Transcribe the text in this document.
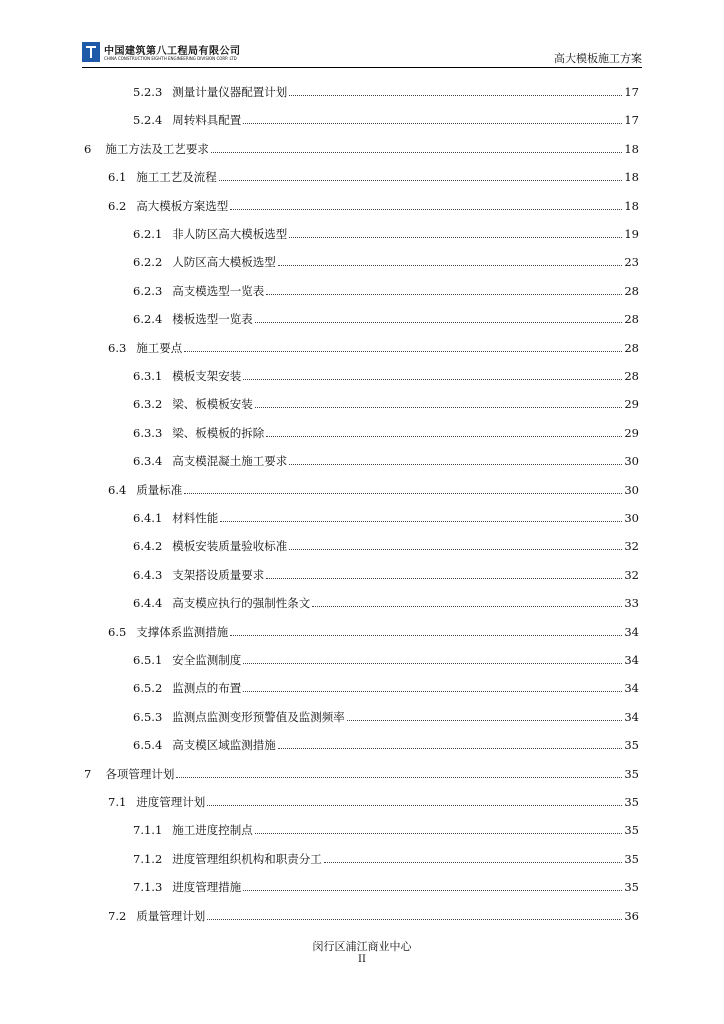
中国建筑第八工程局有限公司
CHINA CONSTRUCTION EIGHTH ENGINEERING DIVISION CORP. LTD	高大模板施工方案
5.2.3 测量计量仪器配置计划	17
5.2.4 周转料具配置	17
6 施工方法及工艺要求	18
6.1 施工工艺及流程	18
6.2 高大模板方案选型	18
6.2.1 非人防区高大模板选型	19
6.2.2 人防区高大模板选型	23
6.2.3 高支模选型一览表	28
6.2.4 楼板选型一览表	28
6.3 施工要点	28
6.3.1 模板支架安装	28
6.3.2 梁、板模板安装	29
6.3.3 梁、板模板的拆除	29
6.3.4 高支模混凝土施工要求	30
6.4 质量标准	30
6.4.1 材料性能	30
6.4.2 模板安装质量验收标准	32
6.4.3 支架搭设质量要求	32
6.4.4 高支模应执行的强制性条文	33
6.5 支撑体系监测措施	34
6.5.1 安全监测制度	34
6.5.2 监测点的布置	34
6.5.3 监测点监测变形预警值及监测频率	34
6.5.4 高支模区域监测措施	35
7 各项管理计划	35
7.1 进度管理计划	35
7.1.1 施工进度控制点	35
7.1.2 进度管理组织机构和职责分工	35
7.1.3 进度管理措施	35
7.2 质量管理计划	36
闵行区浦江商业中心
II
